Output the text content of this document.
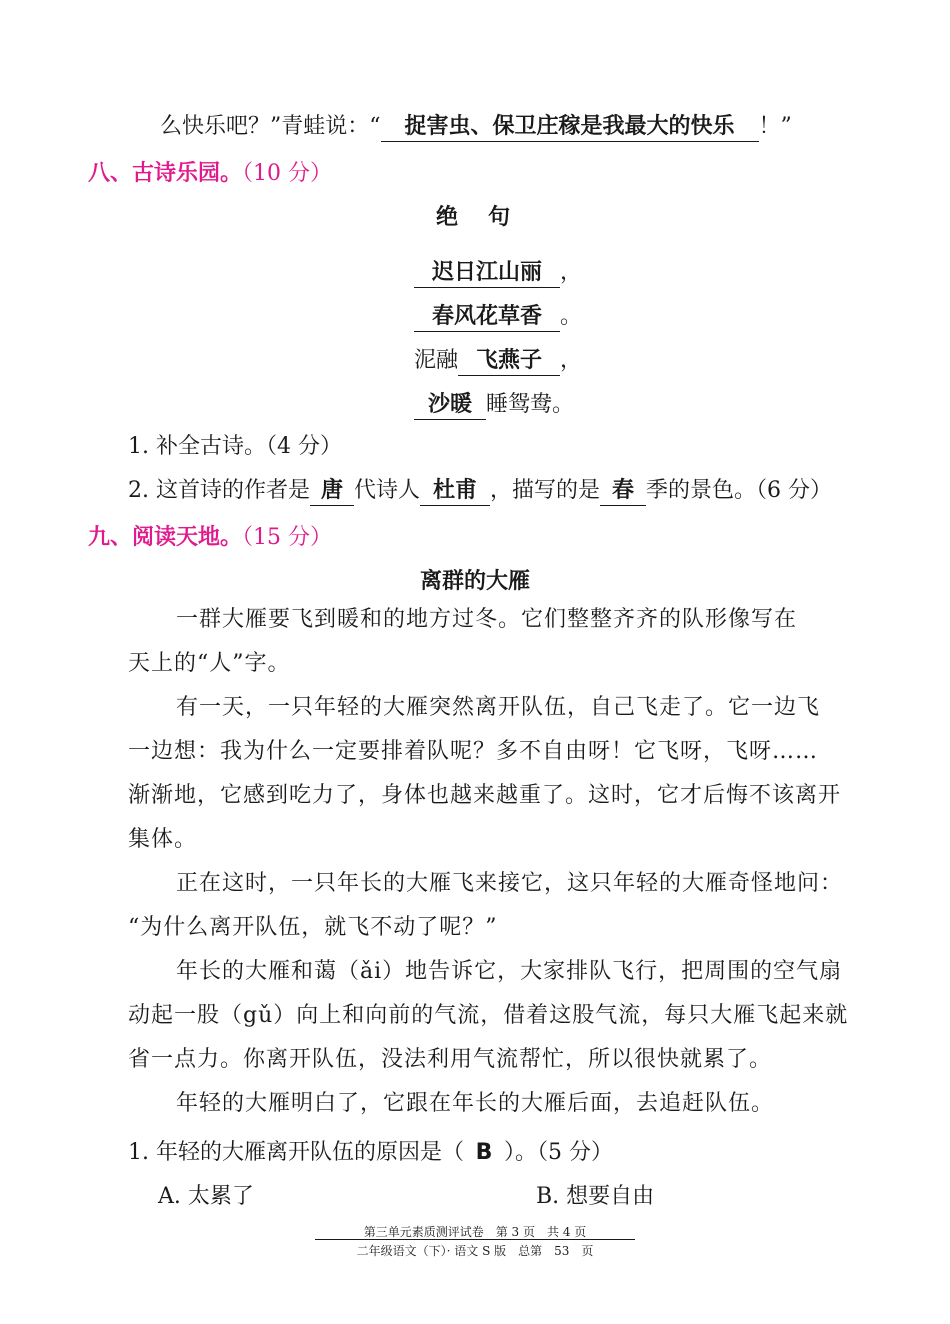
么快乐吧？”青蛙说：“ 捉害虫、保卫庄稼是我最大的快乐 ！”
八、古诗乐园。（10 分）
绝　句
迟日江山丽 ，
春风花草香 。
泥融 飞燕子 ，
沙暖 睡鸳鸯。
1. 补全古诗。（4 分）
2. 这首诗的作者是 唐 代诗人 杜甫 ，描写的是 春 季的景色。（6 分）
九、阅读天地。（15 分）
离群的大雁
一群大雁要飞到暖和的地方过冬。它们整整齐齐的队形像写在
天上的“人”字。
有一天，一只年轻的大雁突然离开队伍，自己飞走了。它一边飞
一边想：我为什么一定要排着队呢？多不自由呀！它飞呀，飞呀……
渐渐地，它感到吃力了，身体也越来越重了。这时，它才后悔不该离开
集体。
正在这时，一只年长的大雁飞来接它，这只年轻的大雁奇怪地问：
“为什么离开队伍，就飞不动了呢？”
年长的大雁和蔼（ǎi）地告诉它，大家排队飞行，把周围的空气扇
动起一股（gǔ）向上和向前的气流，借着这股气流，每只大雁飞起来就
省一点力。你离开队伍，没法利用气流帮忙，所以很快就累了。
年轻的大雁明白了，它跟在年长的大雁后面，去追赶队伍。
1. 年轻的大雁离开队伍的原因是（ B ）。（5 分）
A. 太累了	B. 想要自由
第三单元素质测评试卷　第 3 页　共 4 页
二年级语文（下）· 语文 S 版　总第　53　页
